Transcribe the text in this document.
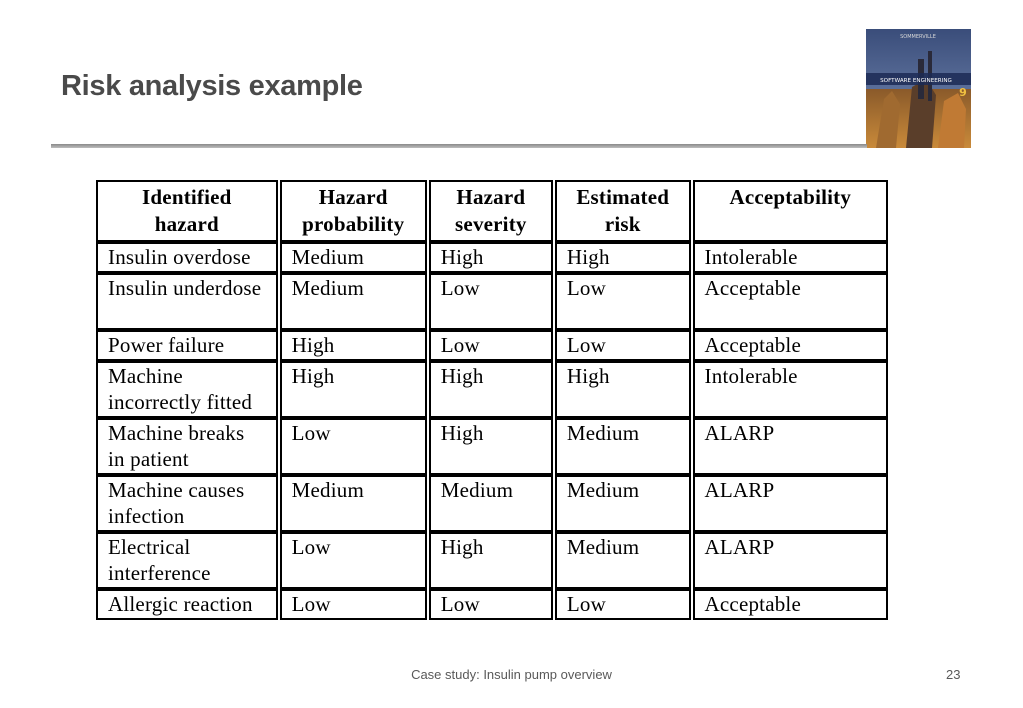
Risk analysis example
SOMMERVILLE
SOFTWARE ENGINEERING
9
Identified hazard	Hazard probability	Hazard severity	Estimated risk	Acceptability
Insulin overdose	Medium	High	High	Intolerable
Insulin underdose	Medium	Low	Low	Acceptable
Power failure	High	Low	Low	Acceptable
Machine incorrectly fitted	High	High	High	Intolerable
Machine breaks in patient	Low	High	Medium	ALARP
Machine causes infection	Medium	Medium	Medium	ALARP
Electrical interference	Low	High	Medium	ALARP
Allergic reaction	Low	Low	Low	Acceptable
Case study: Insulin pump overview	23
